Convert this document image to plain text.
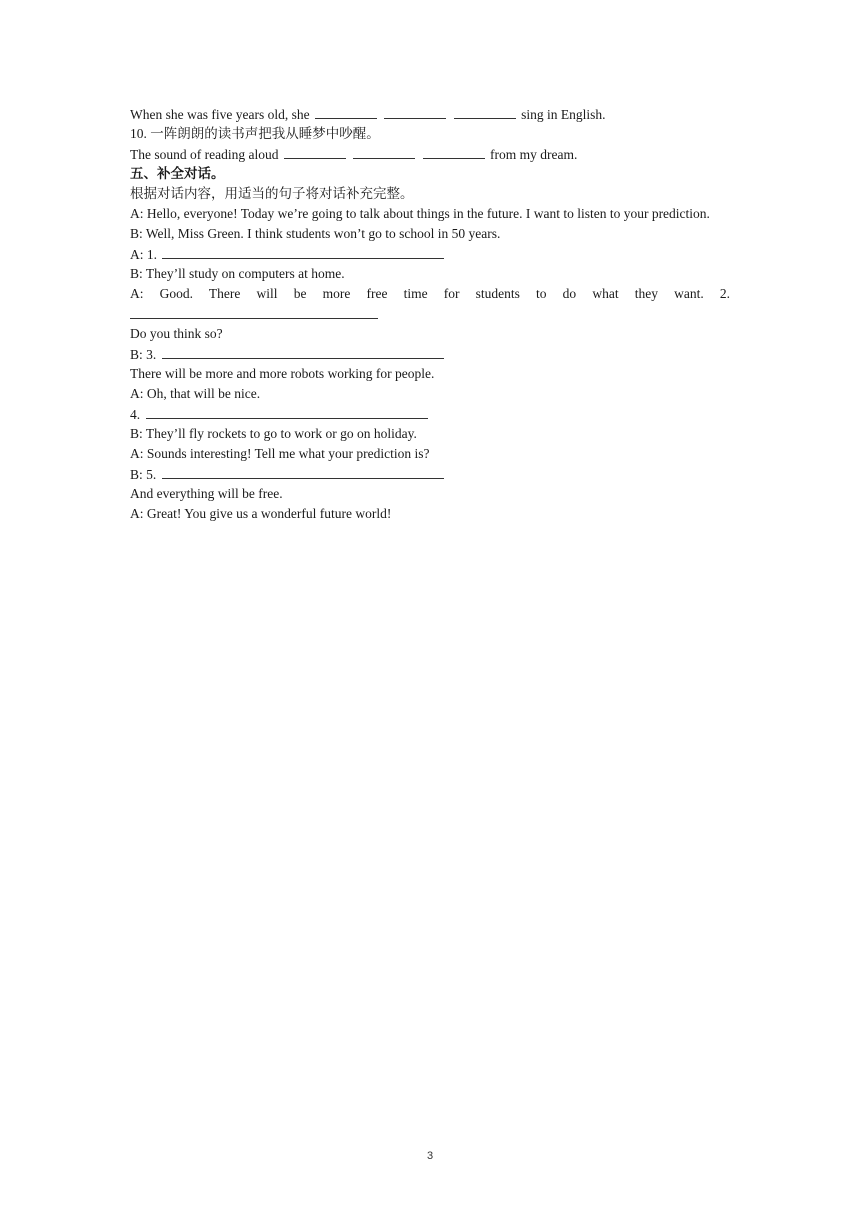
When she was five years old, she	sing in English.
10. 一阵朗朗的读书声把我从睡梦中吵醒。
The sound of reading aloud	from my dream.
五、补全对话。
根据对话内容，用适当的句子将对话补充完整。
A: Hello, everyone! Today we’re going to talk about things in the future. I want to listen to your prediction.
B: Well, Miss Green. I think students won’t go to school in 50 years.
A: 1.
B: They’ll study on computers at home.
A: Good. There will be more free time for students to do what they want. 2.
Do you think so?
B: 3.
There will be more and more robots working for people.
A: Oh, that will be nice.
4.
B: They’ll fly rockets to go to work or go on holiday.
A: Sounds interesting! Tell me what your prediction is?
B: 5.
And everything will be free.
A: Great! You give us a wonderful future world!
3
